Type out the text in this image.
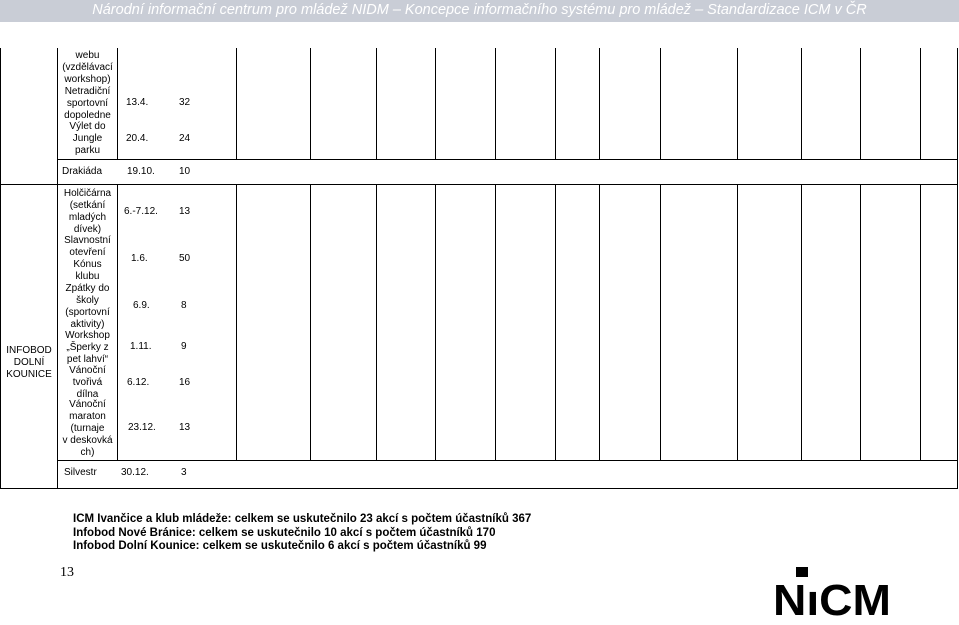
Národní informační centrum pro mládež NIDM – Koncepce informačního systému pro mládež – Standardizace ICM v ČR
webu
(vzdělávací
workshop)
Netradiční
sportovní
dopoledne
13.4.	32
Výlet do
Jungle
parku
20.4.	24
Drakiáda 19.10. 10
INFOBOD
DOLNÍ
KOUNICE
Holčičárna
(setkání
mladých
dívek)
6.-7.12. 13
Slavnostní
otevření
Kónus
klubu
1.6.	50
Zpátky do
školy
(sportovní
aktivity)
6.9.	8
Workshop
„Šperky z
pet lahví“
1.11.	9
Vánoční
tvořivá
dílna
6.12.	16
Vánoční
maraton
(turnaje
v deskovká
ch)
23.12. 13
Silvestr 30.12.	3
ICM Ivančice a klub mládeže: celkem se uskutečnilo 23 akcí s počtem účastníků 367
Infobod Nové Bránice: celkem se uskutečnilo 10 akcí s počtem účastníků 170
Infobod Dolní Kounice: celkem se uskutečnilo 6 akcí s počtem účastníků 99
13
NıCM
